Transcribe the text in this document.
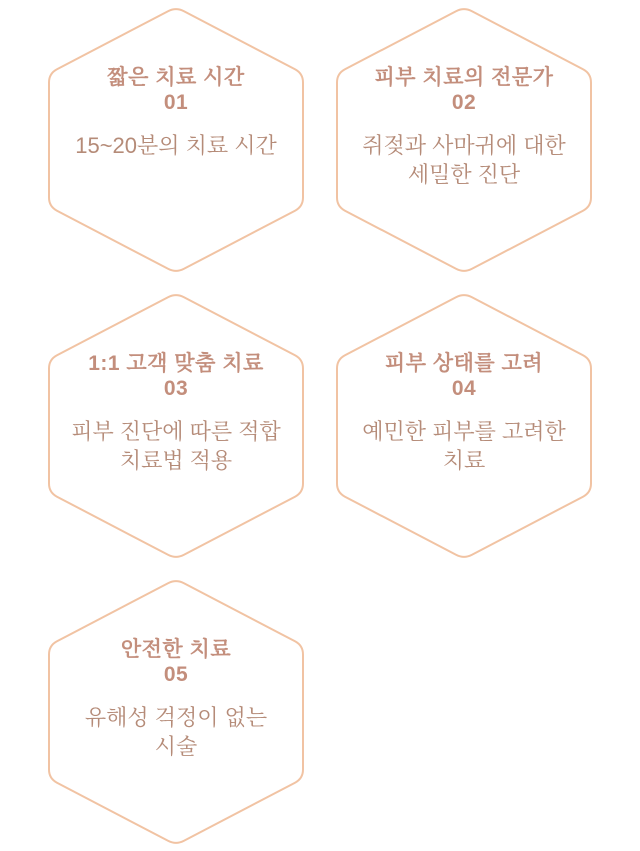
짧은 치료 시간
01
15~20분의 치료 시간
피부 치료의 전문가
02
쥐젖과 사마귀에 대한 세밀한 진단
1:1 고객 맞춤 치료
03
피부 진단에 따른 적합 치료법 적용
피부 상태를 고려
04
예민한 피부를 고려한 치료
안전한 치료
05
유해성 걱정이 없는 시술
